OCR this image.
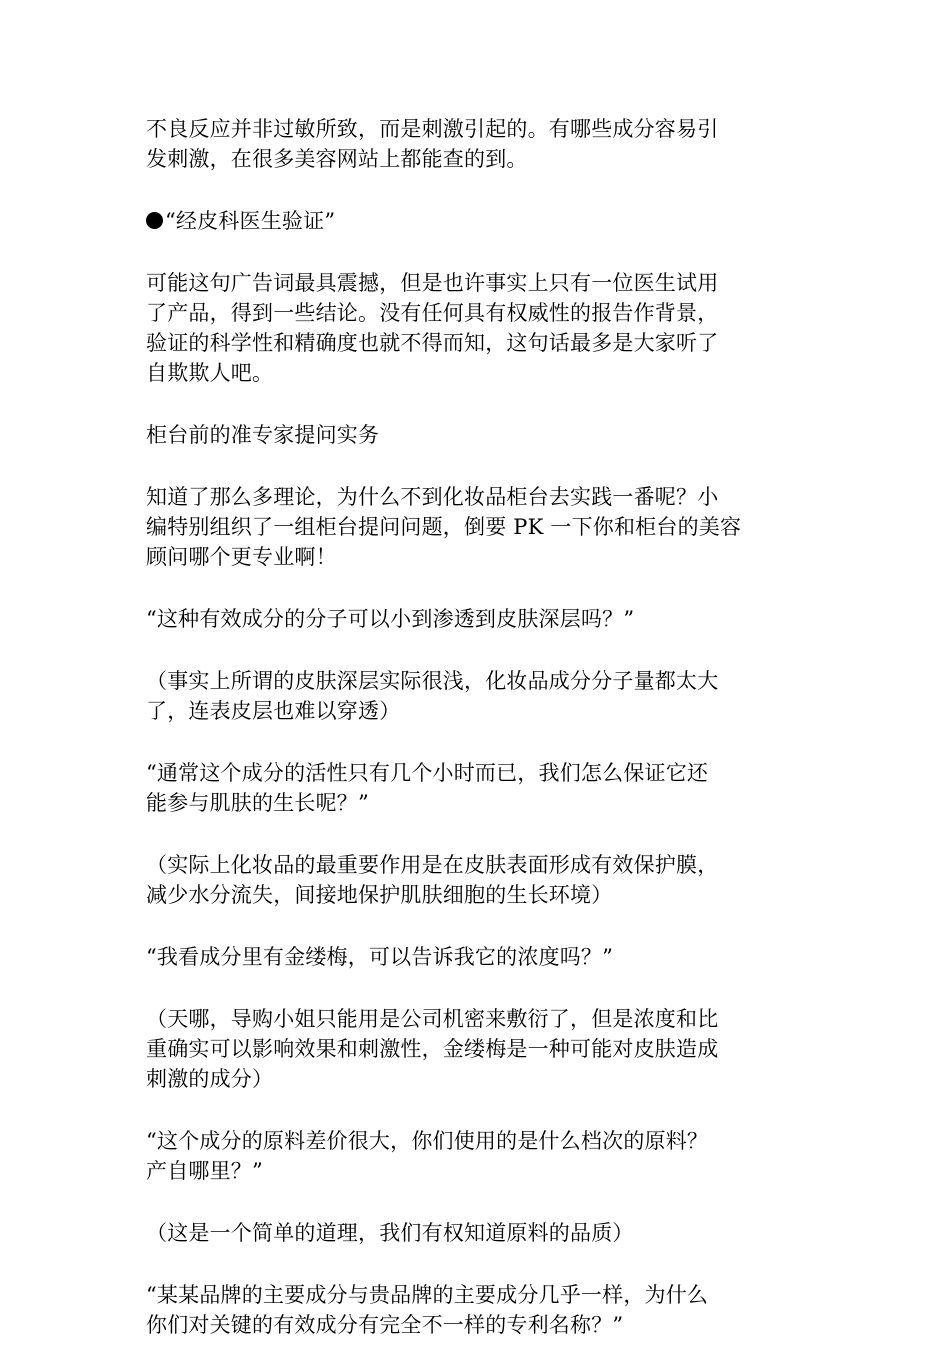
不良反应并非过敏所致，而是刺激引起的。有哪些成分容易引
发刺激，在很多美容网站上都能查的到。

“经皮科医生验证”

可能这句广告词最具震撼，但是也许事实上只有一位医生试用
了产品，得到一些结论。没有任何具有权威性的报告作背景，
验证的科学性和精确度也就不得而知，这句话最多是大家听了
自欺欺人吧。

柜台前的准专家提问实务

知道了那么多理论，为什么不到化妆品柜台去实践一番呢？小
编特别组织了一组柜台提问问题，倒要 PK 一下你和柜台的美容
顾问哪个更专业啊！

“这种有效成分的分子可以小到渗透到皮肤深层吗？”

（事实上所谓的皮肤深层实际很浅，化妆品成分分子量都太大
了，连表皮层也难以穿透）

“通常这个成分的活性只有几个小时而已，我们怎么保证它还
能参与肌肤的生长呢？”

（实际上化妆品的最重要作用是在皮肤表面形成有效保护膜，
减少水分流失，间接地保护肌肤细胞的生长环境）

“我看成分里有金缕梅，可以告诉我它的浓度吗？”

（天哪，导购小姐只能用是公司机密来敷衍了，但是浓度和比
重确实可以影响效果和刺激性，金缕梅是一种可能对皮肤造成
刺激的成分）

“这个成分的原料差价很大，你们使用的是什么档次的原料？
产自哪里？”

（这是一个简单的道理，我们有权知道原料的品质）

“某某品牌的主要成分与贵品牌的主要成分几乎一样，为什么
你们对关键的有效成分有完全不一样的专利名称？”
